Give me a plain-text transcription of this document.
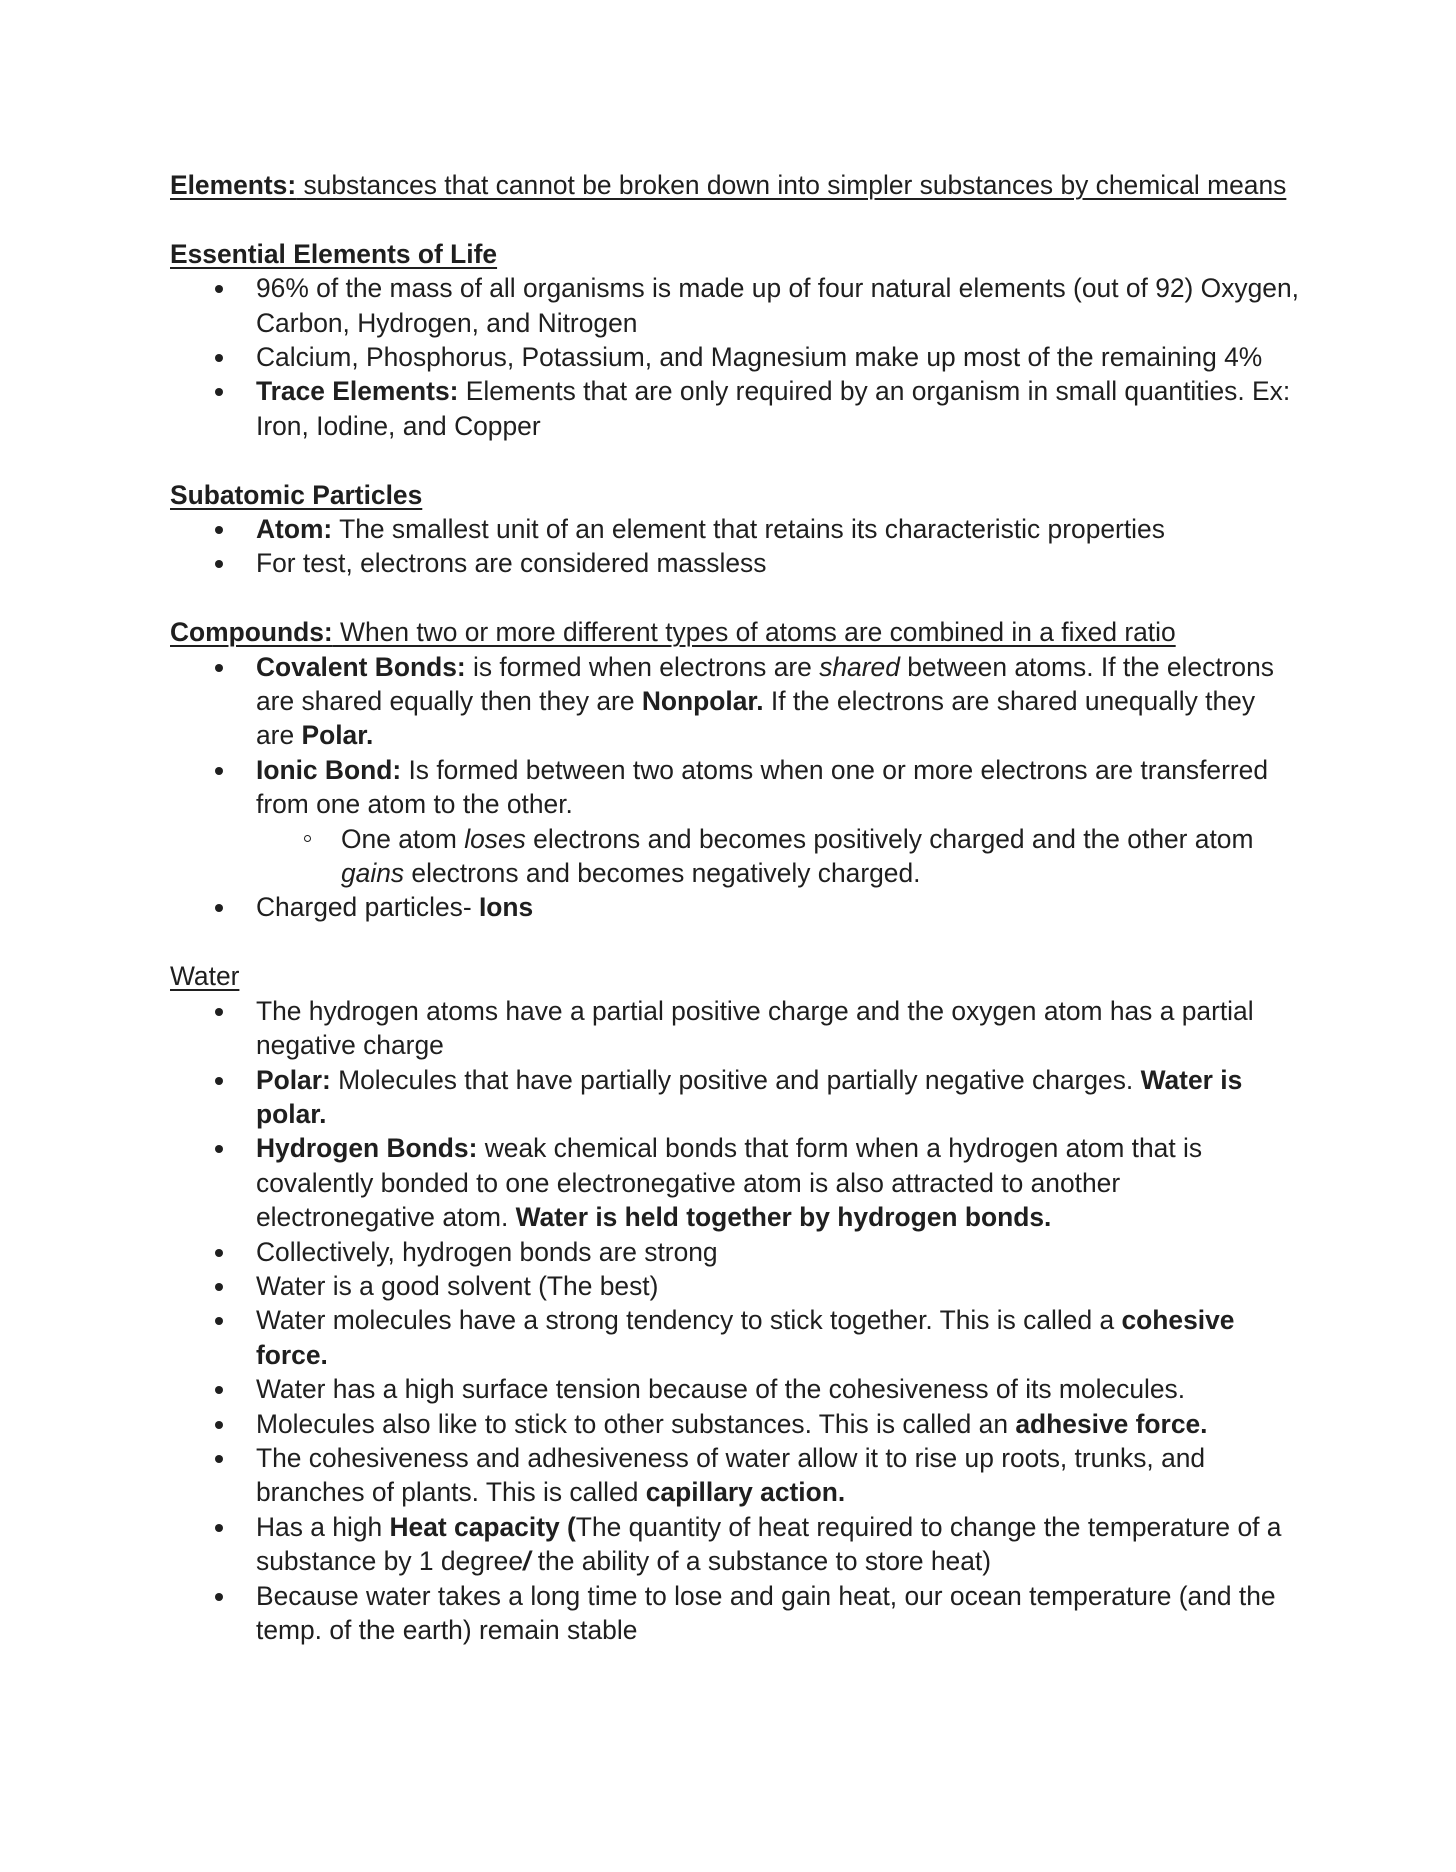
Elements: substances that cannot be broken down into simpler substances by chemical means

Essential Elements of Life

96% of the mass of all organisms is made up of four natural elements (out of 92) Oxygen, Carbon, Hydrogen, and Nitrogen
Calcium, Phosphorus, Potassium, and Magnesium make up most of the remaining 4%
Trace Elements: Elements that are only required by an organism in small quantities. Ex: Iron, Iodine, and Copper

Subatomic Particles

Atom: The smallest unit of an element that retains its characteristic properties
For test, electrons are considered massless

Compounds: When two or more different types of atoms are combined in a fixed ratio

Covalent Bonds: is formed when electrons are shared between atoms. If the electrons are shared equally then they are Nonpolar. If the electrons are shared unequally they are Polar.
Ionic Bond: Is formed between two atoms when one or more electrons are transferred from one atom to the other.
One atom loses electrons and becomes positively charged and the other atom gains electrons and becomes negatively charged.
Charged particles- Ions

Water

The hydrogen atoms have a partial positive charge and the oxygen atom has a partial negative charge
Polar: Molecules that have partially positive and partially negative charges. Water is polar.
Hydrogen Bonds: weak chemical bonds that form when a hydrogen atom that is covalently bonded to one electronegative atom is also attracted to another electronegative atom. Water is held together by hydrogen bonds.
Collectively, hydrogen bonds are strong
Water is a good solvent (The best)
Water molecules have a strong tendency to stick together. This is called a cohesive force.
Water has a high surface tension because of the cohesiveness of its molecules.
Molecules also like to stick to other substances. This is called an adhesive force.
The cohesiveness and adhesiveness of water allow it to rise up roots, trunks, and branches of plants. This is called capillary action.
Has a high Heat capacity (The quantity of heat required to change the temperature of a substance by 1 degree/ the ability of a substance to store heat)
Because water takes a long time to lose and gain heat, our ocean temperature (and the temp. of the earth) remain stable
